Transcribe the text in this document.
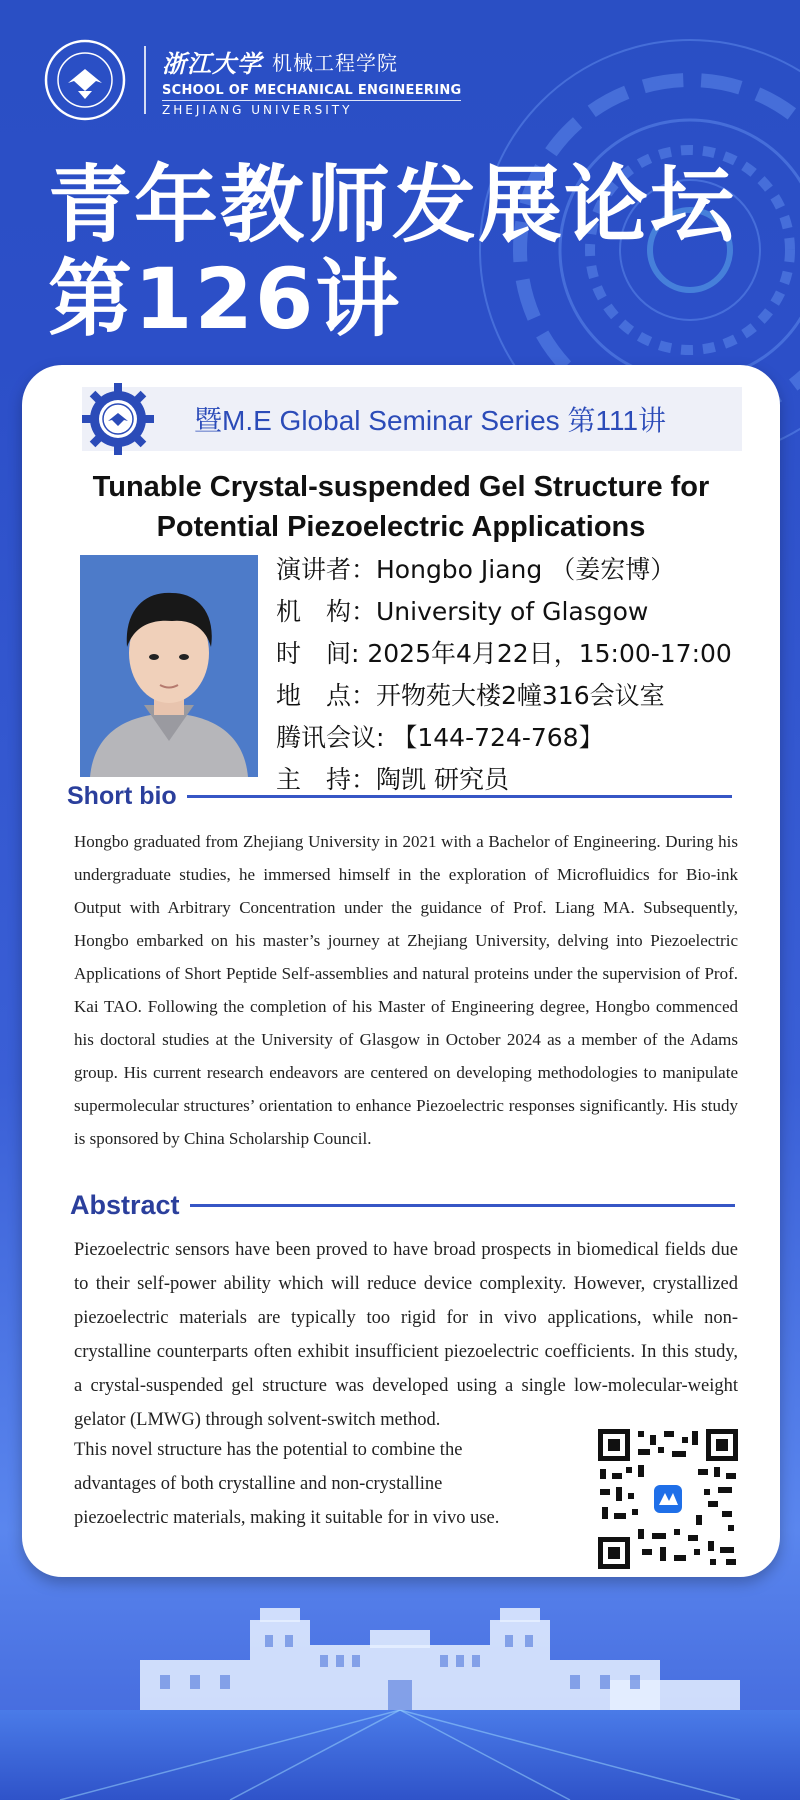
浙江大学 机械工程学院
SCHOOL OF MECHANICAL ENGINEERING
ZHEJIANG UNIVERSITY
青年教师发展论坛
第126讲
暨M.E Global Seminar Series 第111讲
Tunable Crystal-suspended Gel Structure for
Potential Piezoelectric Applications
演讲者：Hongbo Jiang （姜宏博）
机　构：University of Glasgow
时　间: 2025年4月22日，15:00-17:00
地　点：开物苑大楼2幢316会议室
腾讯会议: 【144-724-768】
主　持：陶凯 研究员
Short bio
Hongbo graduated from Zhejiang University in 2021 with a Bachelor of Engineering. During his undergraduate studies, he immersed himself in the exploration of Microfluidics for Bio-ink Output with Arbitrary Concentration under the guidance of Prof. Liang MA. Subsequently, Hongbo embarked on his master’s journey at Zhejiang University, delving into Piezoelectric Applications of Short Peptide Self-assemblies and natural proteins under the supervision of Prof. Kai TAO. Following the completion of his Master of Engineering degree, Hongbo commenced his doctoral studies at the University of Glasgow in October 2024 as a member of the Adams group. His current research endeavors are centered on developing methodologies to manipulate supermolecular structures’ orientation to enhance Piezoelectric responses significantly. His study is sponsored by China Scholarship Council.
Abstract
Piezoelectric sensors have been proved to have broad prospects in biomedical fields due to their self-power ability which will reduce device complexity. However, crystallized piezoelectric materials are typically too rigid for in vivo applications, while non-crystalline counterparts often exhibit insufficient piezoelectric coefficients. In this study, a crystal-suspended gel structure was developed using a single low-molecular-weight gelator (LMWG) through solvent-switch method.
This novel structure has the potential to combine the advantages of both crystalline and non-crystalline piezoelectric materials, making it suitable for in vivo use.
